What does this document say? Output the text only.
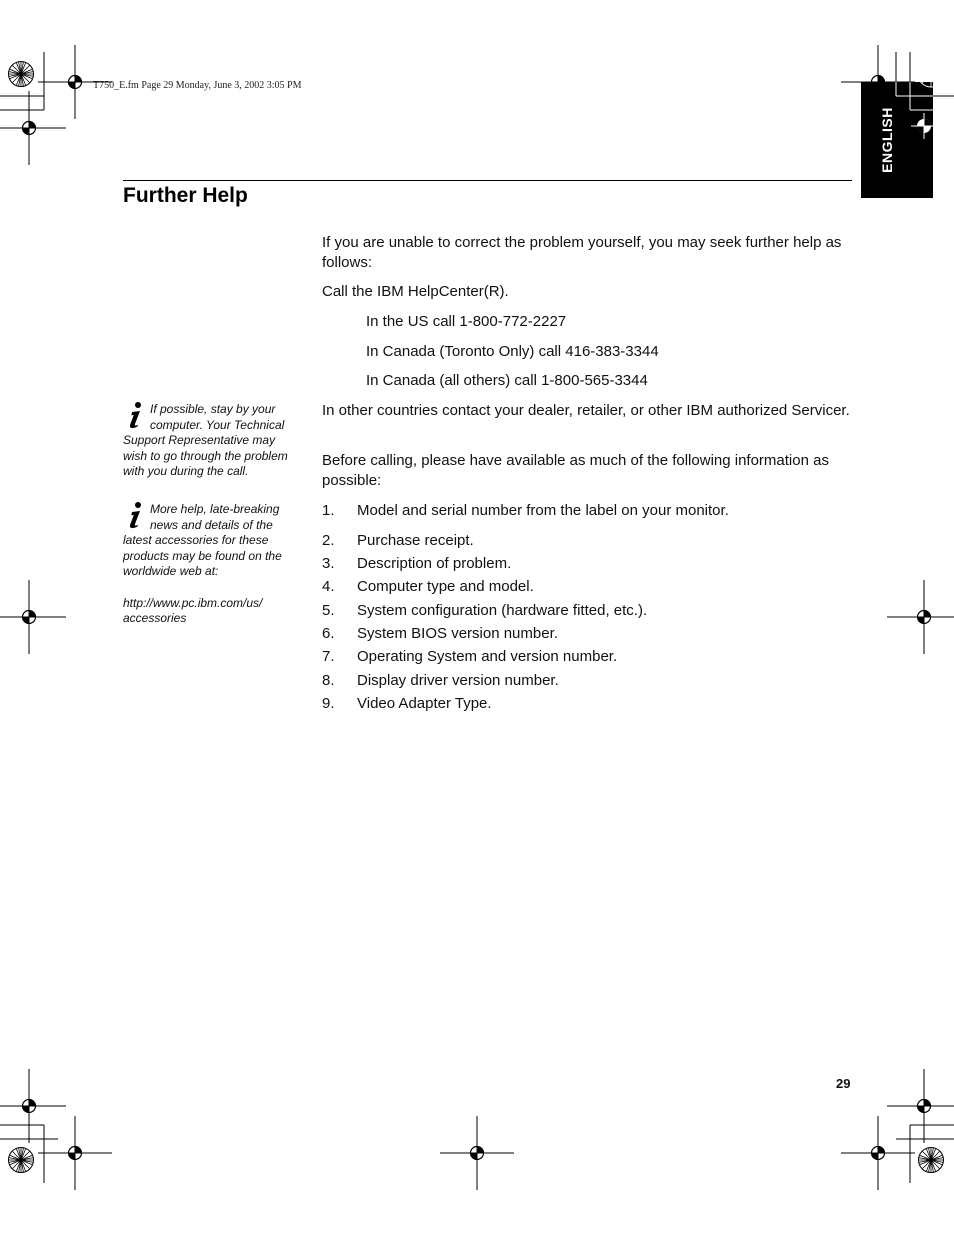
T750_E.fm Page 29 Monday, June 3, 2002 3:05 PM
ENGLISH
Further Help

If you are unable to correct the problem yourself, you may seek further help as follows:

Call the IBM HelpCenter(R).

In the US call 1-800-772-2227

In Canada (Toronto Only) call 416-383-3344

In Canada (all others) call 1-800-565-3344

In other countries contact your dealer, retailer, or other IBM authorized Servicer.

Before calling, please have available as much of the following information as possible:

1.	Model and serial number from the label on your monitor.
2.	Purchase receipt.
3.	Description of problem.
4.	Computer type and model.
5.	System configuration (hardware fitted, etc.).
6.	System BIOS version number.
7.	Operating System and version number.
8.	Display driver version number.
9.	Video Adapter Type.

If possible, stay by your computer. Your Technical Support Representative may wish to go through the problem with you during the call.

More help, late-breaking news and details of the latest accessories for these products may be found on the worldwide web at:

http://www.pc.ibm.com/us/ accessories

29
